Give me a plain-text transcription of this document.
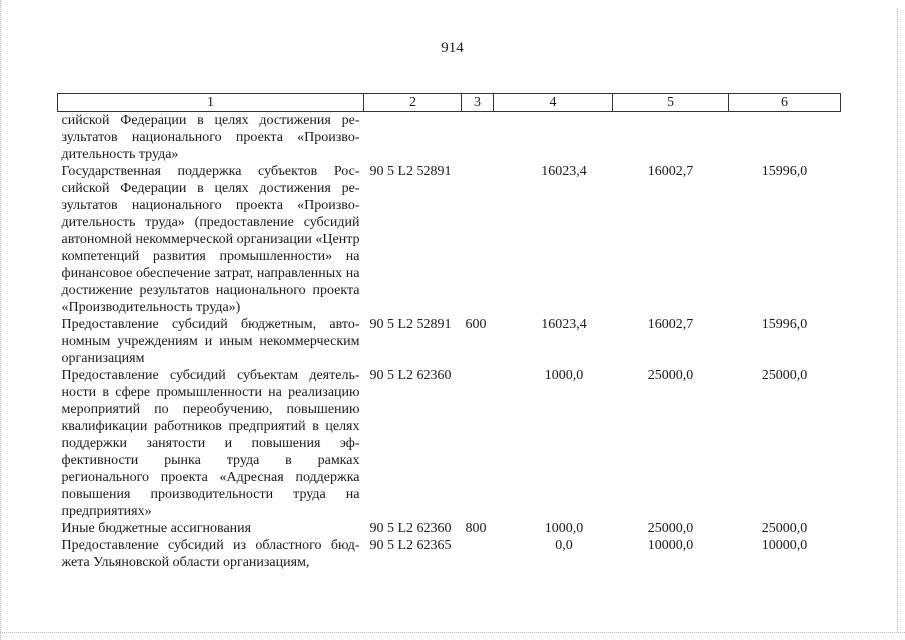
914
1	2	3	4	5	6
сийской Федерации в целях достижения результатов национального проекта «Производительность труда»					
Государственная поддержка субъектов Российской Федерации в целях достижения результатов национального проекта «Производительность труда» (предоставление субсидий автономной некоммерческой организации «Центр компетенций развития промышленности» на финансовое обеспечение затрат, направленных на достижение результатов национального проекта «Производительность труда»)	90 5 L2 52891		16023,4	16002,7	15996,0
Предоставление субсидий бюджетным, автономным учреждениям и иным некоммерческим организациям	90 5 L2 52891	600	16023,4	16002,7	15996,0
Предоставление субсидий субъектам деятельности в сфере промышленности на реализацию мероприятий по переобучению, повышению квалификации работников предприятий в целях поддержки занятости и повышения эффективности рынка труда в рамках регионального проекта «Адресная поддержка повышения производительности труда на предприятиях»	90 5 L2 62360		1000,0	25000,0	25000,0
Иные бюджетные ассигнования	90 5 L2 62360	800	1000,0	25000,0	25000,0
Предоставление субсидий из областного бюджета Ульяновской области организациям,	90 5 L2 62365		0,0	10000,0	10000,0
